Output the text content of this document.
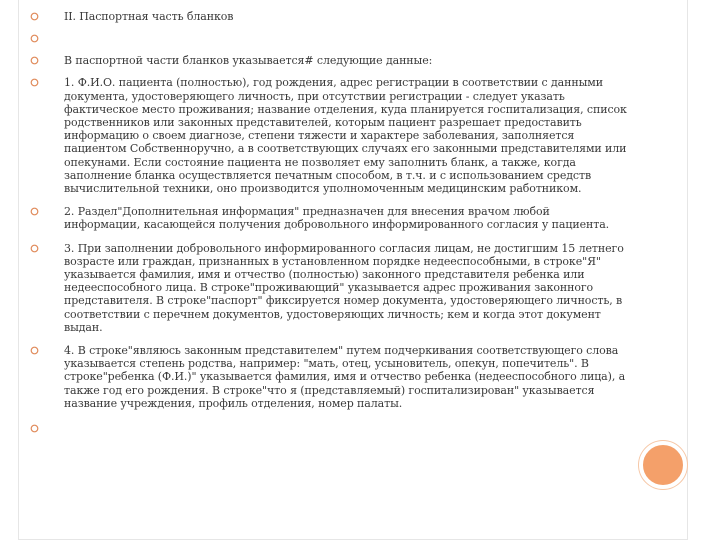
II. Паспортная часть бланков
В паспортной части бланков указывается# следующие данные:
1. Ф.И.О. пациента (полностью), год рождения, адрес регистрации в соответствии с данными документа, удостоверяющего личность, при отсутствии регистрации - следует указать фактическое место проживания; название отделения, куда планируется госпитализация, список родственников или законных представителей, которым пациент разрешает предоставить информацию о своем диагнозе, степени тяжести и характере заболевания, заполняется пациентом Собственноручно, а в соответствующих случаях его законными представителями или опекунами. Если состояние пациента не позволяет ему заполнить бланк, а также, когда заполнение бланка осуществляется печатным способом, в т.ч. и с использованием средств вычислительной техники, оно производится уполномоченным медицинским работником.
2. Раздел"Дополнительная информация" предназначен для внесения врачом любой информации, касающейся получения добровольного информированного согласия у пациента.
3. При заполнении добровольного информированного согласия лицам, не достигшим 15 летнего возрасте или граждан, признанных в установленном порядке недееспособными, в строке"Я" указывается фамилия, имя и отчество (полностью) законного представителя ребенка или недееспособного лица. В строке"проживающий" указывается адрес проживания законного представителя. В строке"паспорт" фиксируется номер документа, удостоверяющего личность, в соответствии с перечнем документов, удостоверяющих личность; кем и когда этот документ выдан.
4. В строке"являюсь законным представителем" путем подчеркивания соответствующего слова указывается степень родства, например: "мать, отец, усыновитель, опекун, попечитель". В строке"ребенка (Ф.И.)" указывается фамилия, имя и отчество ребенка (недееспособного лица), а также год его рождения. В строке"что я (представляемый) госпитализирован" указывается название учреждения, профиль отделения, номер палаты.
